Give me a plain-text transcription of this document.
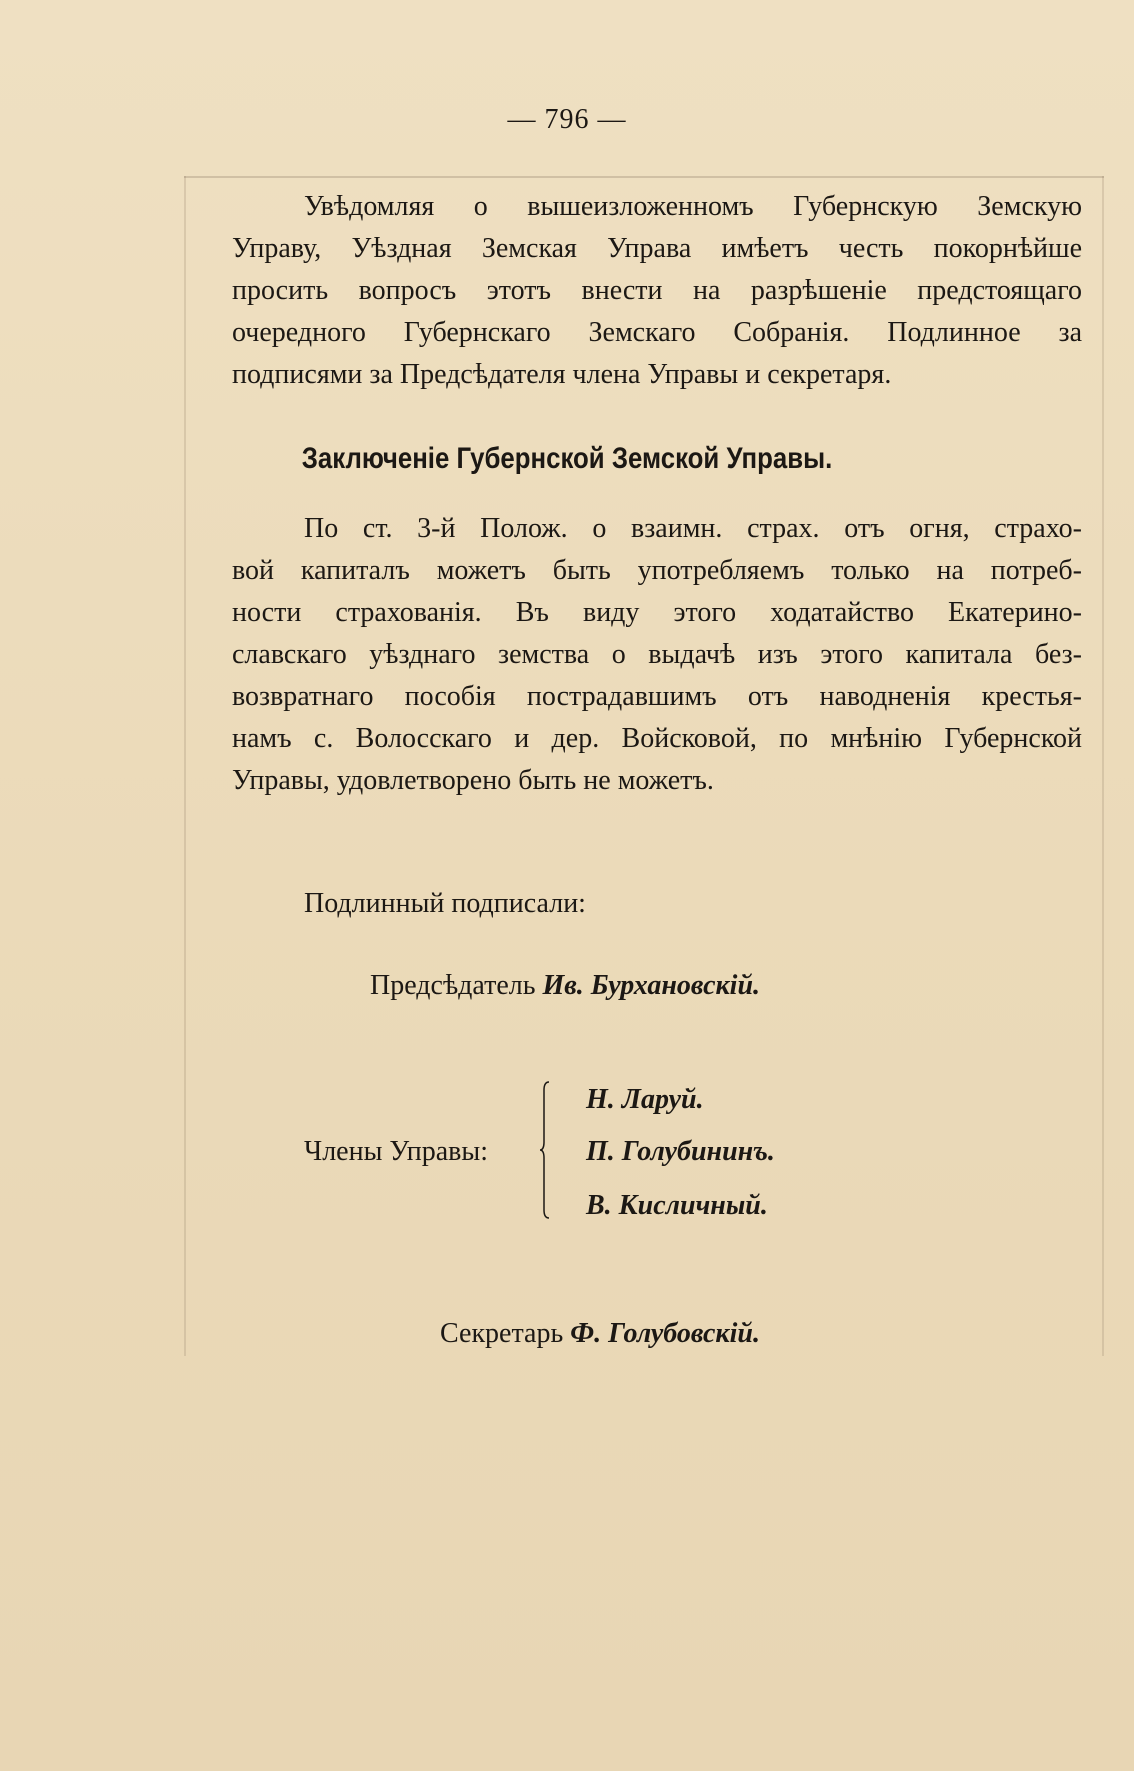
— 796 —

Увѣдомляя о вышеизложенномъ Губернскую Земскую
Управу, Уѣздная Земская Управа имѣетъ честь покорнѣйше
просить вопросъ этотъ внести на разрѣшеніе предстоящаго
очередного Губернскаго Земскаго Собранія. Подлинное за
подписями за Предсѣдателя члена Управы и секретаря.

Заключеніе Губернской Земской Управы.

По ст. 3-й Полож. о взаимн. страх. отъ огня, страхо-
вой капиталъ можетъ быть употребляемъ только на потреб-
ности страхованія. Въ виду этого ходатайство Екатерино-
славскаго уѣзднаго земства о выдачѣ изъ этого капитала без-
возвратнаго пособія пострадавшимъ отъ наводненія крестья-
намъ с. Волосскаго и дер. Войсковой, по мнѣнію Губернской
Управы, удовлетворено быть не можетъ.

Подлинный подписали:
Предсѣдатель Ив. Бурхановскій.
Члены Управы:
Н. Ларуй.
П. Голубининъ.
В. Кисличный.
Секретарь Ф. Голубовскій.
